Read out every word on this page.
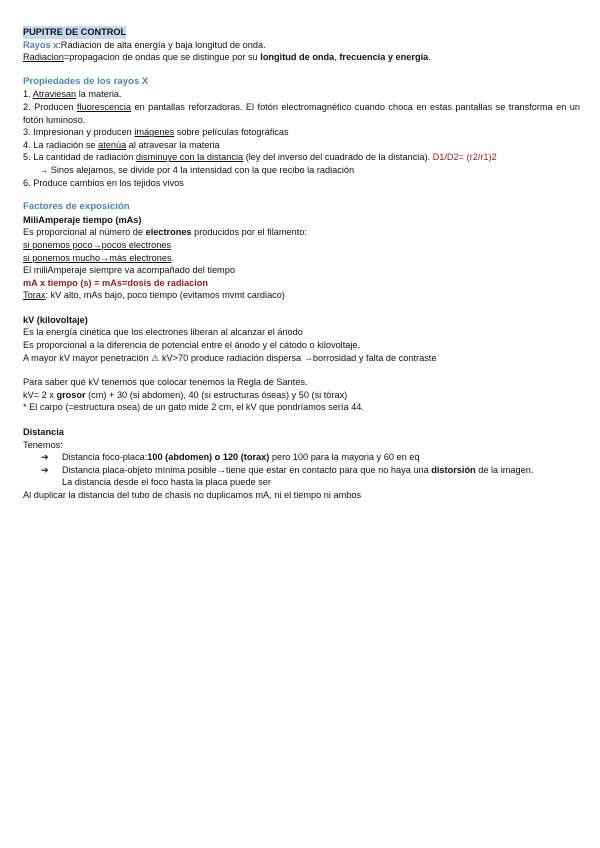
PUPITRE DE CONTROL
Rayos x:Radiacion de alta energía y baja longitud de onda.
Radiacion=propagacion de ondas que se distingue por su longitud de onda, frecuencia y energía.
Propiedades de los rayos X
1. Atraviesan la materia.
2. Producen fluorescencia en pantallas reforzadoras. El fotón electromagnético cuando choca en estas pantallas se transforma en un fotón luminoso.
3. Impresionan y producen imágenes sobre películas fotográficas
4. La radiación se atenúa al atravesar la materia
5. La cantidad de radiación disminuye con la distancia (ley del inverso del cuadrado de la distancia). D1/D2= (r2/r1)2
→ Sinos alejamos, se divide por 4 la intensidad con la que recibo la radiación
6. Produce cambios en los tejidos vivos
Factores de exposición
MiliAmperaje tiempo (mAs)
Es proporcional al número de electrones producidos por el filamento:
si ponemos poco→pocos electrones
si ponemos mucho→más electrones.
El miliAmperaje siempre va acompañado del tiempo
mA x tiempo (s) = mAs=dosis de radiacion
Torax: kV alto, mAs bajo, poco tiempo (evitamos mvmt cardiaco)
kV (kilovoltaje)
Es la energía cinética que los electrones liberan al alcanzar el ánodo
Es proporcional a la diferencia de potencial entre el ánodo y el cátodo o kilovoltaje.
A mayor kV mayor penetración ⚠ kV>70 produce radiación dispersa →borrosidad y falta de contraste
Para saber qué kV tenemos que colocar tenemos la Regla de Santes.
kV= 2 x grosor (cm) + 30 (si abdomen), 40 (si estructuras óseas) y 50 (si tórax)
* El carpo (=estructura osea) de un gato mide 2 cm, el kV que pondríamos sería 44.
Distancia
Tenemos:
➔ Distancia foco-placa:100 (abdomen) o 120 (torax) pero 100 para la mayoria y 60 en eq
➔ Distancia placa-objeto mínima posible→tiene que estar en contacto para que no haya una distorsión de la imagen.
La distancia desde el foco hasta la placa puede ser
Al duplicar la distancia del tubo de chasis no duplicamos mA, ni el tiempo ni ambos
